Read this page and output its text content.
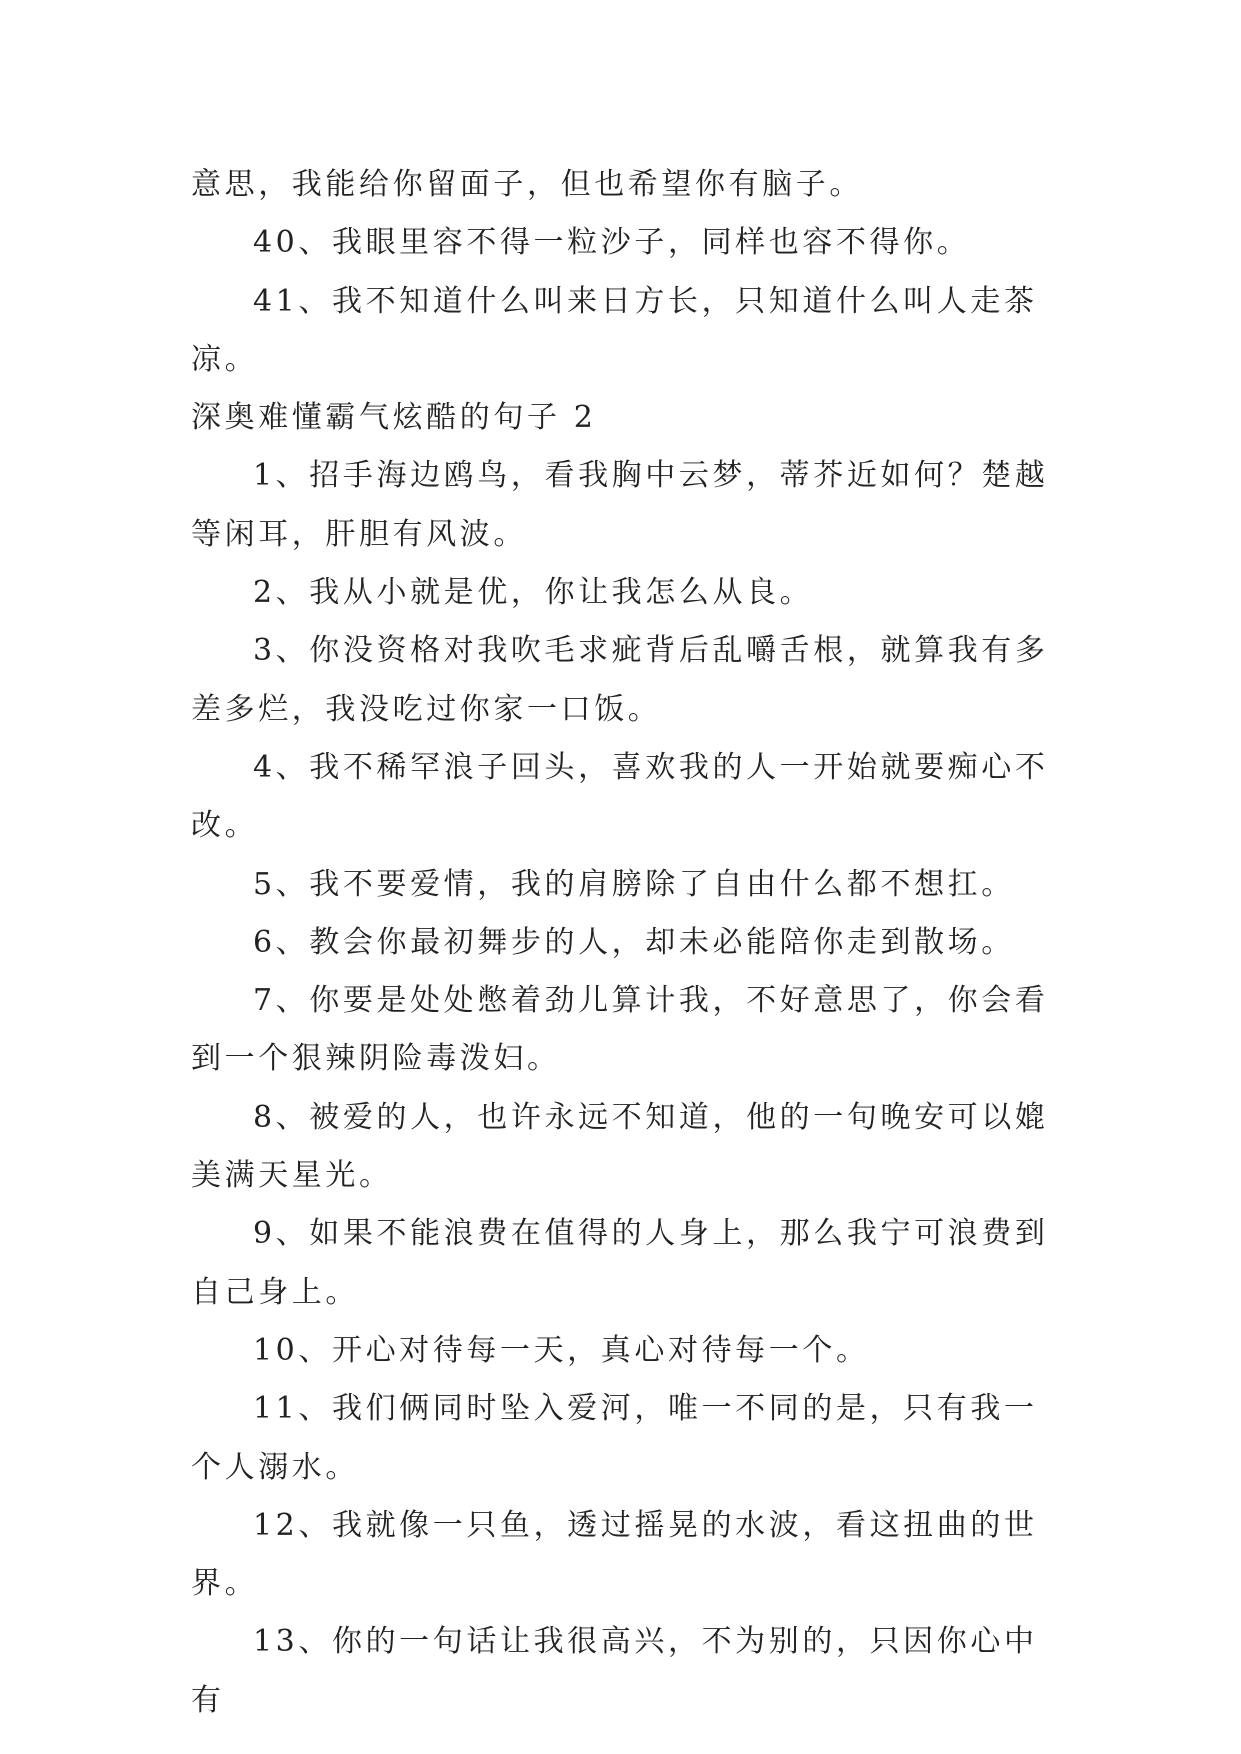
意思，我能给你留面子，但也希望你有脑子。

40、我眼里容不得一粒沙子，同样也容不得你。

41、我不知道什么叫来日方长，只知道什么叫人走茶凉。

深奥难懂霸气炫酷的句子 2

1、招手海边鸥鸟，看我胸中云梦，蒂芥近如何？楚越等闲耳，肝胆有风波。

2、我从小就是优，你让我怎么从良。

3、你没资格对我吹毛求疵背后乱嚼舌根，就算我有多差多烂，我没吃过你家一口饭。

4、我不稀罕浪子回头，喜欢我的人一开始就要痴心不改。

5、我不要爱情，我的肩膀除了自由什么都不想扛。

6、教会你最初舞步的人，却未必能陪你走到散场。

7、你要是处处憋着劲儿算计我，不好意思了，你会看到一个狠辣阴险毒泼妇。

8、被爱的人，也许永远不知道，他的一句晚安可以媲美满天星光。

9、如果不能浪费在值得的人身上，那么我宁可浪费到自己身上。

10、开心对待每一天，真心对待每一个。

11、我们俩同时坠入爱河，唯一不同的是，只有我一个人溺水。

12、我就像一只鱼，透过摇晃的水波，看这扭曲的世界。

13、你的一句话让我很高兴，不为别的，只因你心中有
